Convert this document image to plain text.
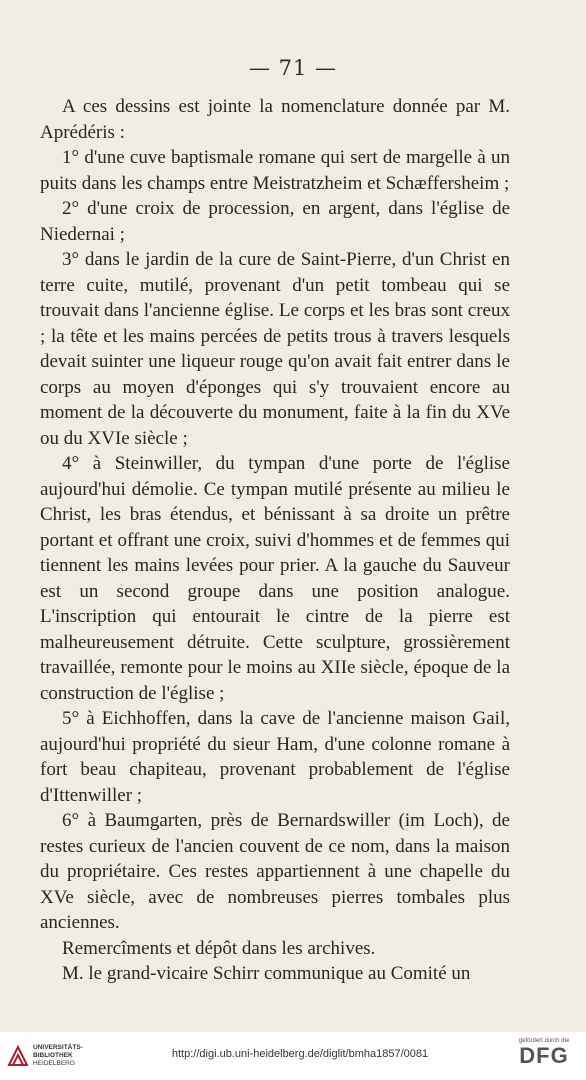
— 71 —

A ces dessins est jointe la nomenclature donnée par M. Aprédéris :

1° d'une cuve baptismale romane qui sert de margelle à un puits dans les champs entre Meistratzheim et Schæffersheim ;

2° d'une croix de procession, en argent, dans l'église de Niedernai ;

3° dans le jardin de la cure de Saint-Pierre, d'un Christ en terre cuite, mutilé, provenant d'un petit tombeau qui se trouvait dans l'ancienne église. Le corps et les bras sont creux ; la tête et les mains percées de petits trous à travers lesquels devait suinter une liqueur rouge qu'on avait fait entrer dans le corps au moyen d'éponges qui s'y trouvaient encore au moment de la découverte du monument, faite à la fin du XVe ou du XVIe siècle ;

4° à Steinwiller, du tympan d'une porte de l'église aujourd'hui démolie. Ce tympan mutilé présente au milieu le Christ, les bras étendus, et bénissant à sa droite un prêtre portant et offrant une croix, suivi d'hommes et de femmes qui tiennent les mains levées pour prier. A la gauche du Sauveur est un second groupe dans une position analogue. L'inscription qui entourait le cintre de la pierre est malheureusement détruite. Cette sculpture, grossièrement travaillée, remonte pour le moins au XIIe siècle, époque de la construction de l'église ;

5° à Eichhoffen, dans la cave de l'ancienne maison Gail, aujourd'hui propriété du sieur Ham, d'une colonne romane à fort beau chapiteau, provenant probablement de l'église d'Ittenwiller ;

6° à Baumgarten, près de Bernardswiller (im Loch), de restes curieux de l'ancien couvent de ce nom, dans la maison du propriétaire. Ces restes appartiennent à une chapelle du XVe siècle, avec de nombreuses pierres tombales plus anciennes.

Remercîments et dépôt dans les archives.

M. le grand-vicaire Schirr communique au Comité un

UNIVERSITÄTS-
BIBLIOTHEK
HEIDELBERG
http://digi.ub.uni-heidelberg.de/diglit/bmha1857/0081
gefördert durch die
DFG
